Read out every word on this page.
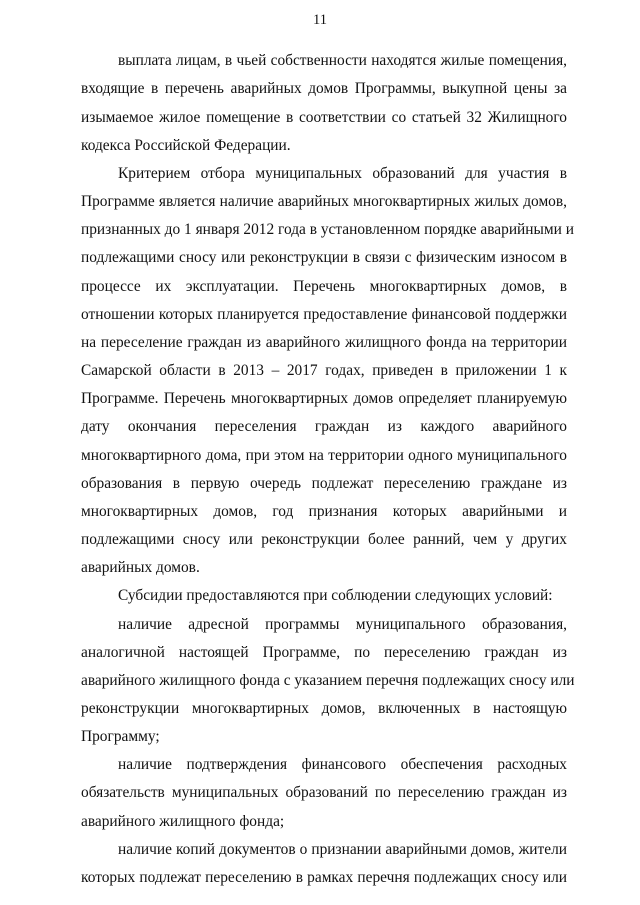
11
выплата лицам, в чьей собственности находятся жилые помещения,
входящие в перечень аварийных домов Программы, выкупной цены за
изымаемое жилое помещение в соответствии со статьей 32 Жилищного
кодекса Российской Федерации.
Критерием отбора муниципальных образований для участия в
Программе является наличие аварийных многоквартирных жилых домов,
признанных до 1 января 2012 года в установленном порядке аварийными и
подлежащими сносу или реконструкции в связи с физическим износом в
процессе их эксплуатации. Перечень многоквартирных домов, в
отношении которых планируется предоставление финансовой поддержки
на переселение граждан из аварийного жилищного фонда на территории
Самарской области в 2013 – 2017 годах, приведен в приложении 1 к
Программе. Перечень многоквартирных домов определяет планируемую
дату окончания переселения граждан из каждого аварийного
многоквартирного дома, при этом на территории одного муниципального
образования в первую очередь подлежат переселению граждане из
многоквартирных домов, год признания которых аварийными и
подлежащими сносу или реконструкции более ранний, чем у других
аварийных домов.
Субсидии предоставляются при соблюдении следующих условий:
наличие адресной программы муниципального образования,
аналогичной настоящей Программе, по переселению граждан из
аварийного жилищного фонда с указанием перечня подлежащих сносу или
реконструкции многоквартирных домов, включенных в настоящую
Программу;
наличие подтверждения финансового обеспечения расходных
обязательств муниципальных образований по переселению граждан из
аварийного жилищного фонда;
наличие копий документов о признании аварийными домов, жители
которых подлежат переселению в рамках перечня подлежащих сносу или
